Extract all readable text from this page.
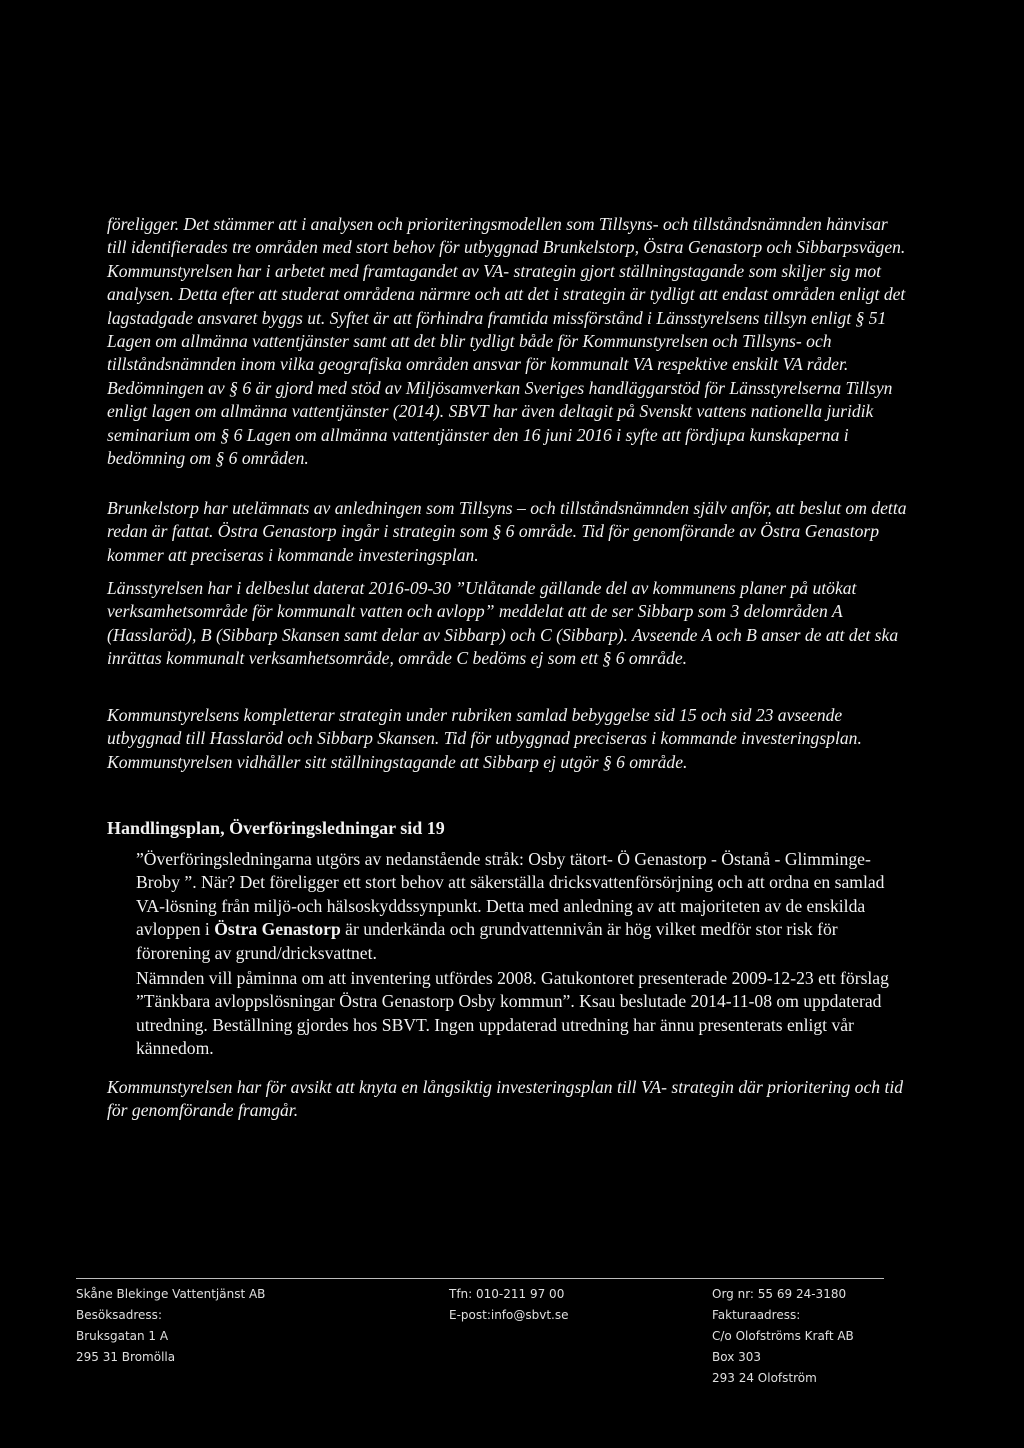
föreligger. Det stämmer att i analysen och prioriteringsmodellen som Tillsyns- och tillståndsnämnden hänvisar till identifierades tre områden med stort behov för utbyggnad Brunkelstorp, Östra Genastorp och Sibbarpsvägen. Kommunstyrelsen har i arbetet med framtagandet av VA- strategin gjort ställningstagande som skiljer sig mot analysen. Detta efter att studerat områdena närmre och att det i strategin är tydligt att endast områden enligt det lagstadgade ansvaret byggs ut. Syftet är att förhindra framtida missförstånd i Länsstyrelsens tillsyn enligt § 51 Lagen om allmänna vattentjänster samt att det blir tydligt både för Kommunstyrelsen och Tillsyns- och tillståndsnämnden inom vilka geografiska områden ansvar för kommunalt VA respektive enskilt VA råder. Bedömningen av § 6 är gjord med stöd av Miljösamverkan Sveriges handläggarstöd för Länsstyrelserna Tillsyn enligt lagen om allmänna vattentjänster (2014). SBVT har även deltagit på Svenskt vattens nationella juridik seminarium om § 6 Lagen om allmänna vattentjänster den 16 juni 2016 i syfte att fördjupa kunskaperna i bedömning om § 6 områden.

Brunkelstorp har utelämnats av anledningen som Tillsyns – och tillståndsnämnden själv anför, att beslut om detta redan är fattat. Östra Genastorp ingår i strategin som § 6 område. Tid för genomförande av Östra Genastorp kommer att preciseras i kommande investeringsplan.

Länsstyrelsen har i delbeslut daterat 2016-09-30 ”Utlåtande gällande del av kommunens planer på utökat verksamhetsområde för kommunalt vatten och avlopp” meddelat att de ser Sibbarp som 3 delområden A (Hasslaröd), B (Sibbarp Skansen samt delar av Sibbarp) och C (Sibbarp). Avseende A och B anser de att det ska inrättas kommunalt verksamhetsområde, område C bedöms ej som ett § 6 område.

Kommunstyrelsens kompletterar strategin under rubriken samlad bebyggelse sid 15 och sid 23 avseende utbyggnad till Hasslaröd och Sibbarp Skansen. Tid för utbyggnad preciseras i kommande investeringsplan. Kommunstyrelsen vidhåller sitt ställningstagande att Sibbarp ej utgör § 6 område.

Handlingsplan, Överföringsledningar sid 19

”Överföringsledningarna utgörs av nedanstående stråk: Osby tätort- Ö Genastorp - Östanå - Glimminge- Broby ”. När? Det föreligger ett stort behov att säkerställa dricksvattenförsörjning och att ordna en samlad VA-lösning från miljö-och hälsoskyddssynpunkt. Detta med anledning av att majoriteten av de enskilda avloppen i Östra Genastorp är underkända och grundvattennivån är hög vilket medför stor risk för förorening av grund/dricksvattnet.

Nämnden vill påminna om att inventering utfördes 2008. Gatukontoret presenterade 2009-12-23 ett förslag ”Tänkbara avloppslösningar Östra Genastorp Osby kommun”. Ksau beslutade 2014-11-08 om uppdaterad utredning. Beställning gjordes hos SBVT. Ingen uppdaterad utredning har ännu presenterats enligt vår kännedom.

Kommunstyrelsen har för avsikt att knyta en långsiktig investeringsplan till VA- strategin där prioritering och tid för genomförande framgår.

Skåne Blekinge Vattentjänst AB
Besöksadress:
Bruksgatan 1 A
295 31 Bromölla
Tfn: 010-211 97 00
E-post:info@sbvt.se
Org nr: 55 69 24-3180
Fakturaadress:
C/o Olofströms Kraft AB
Box 303
293 24 Olofström
